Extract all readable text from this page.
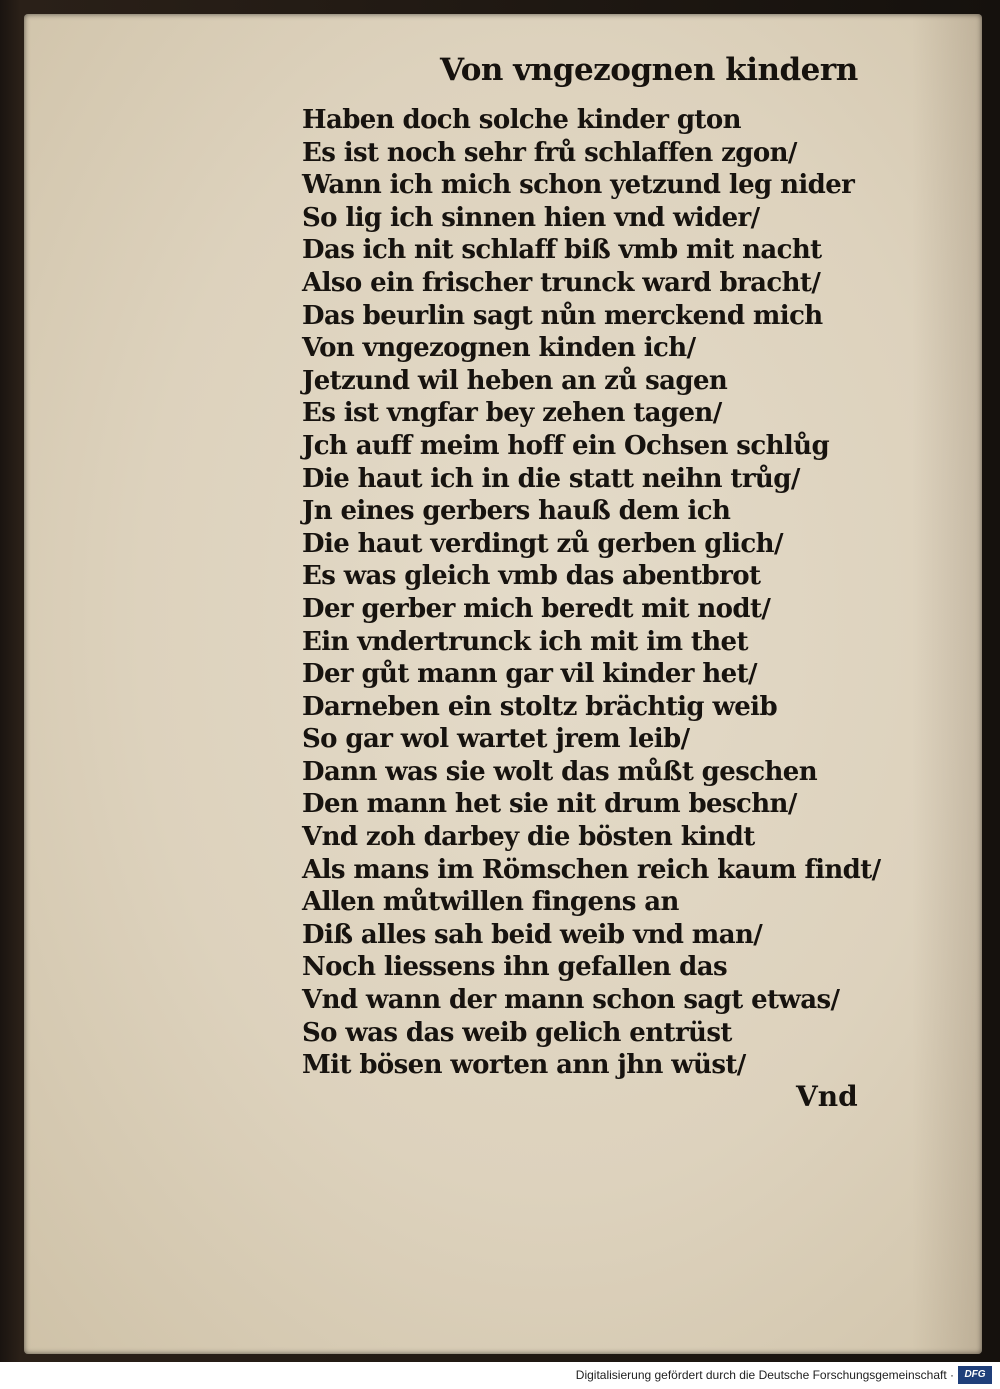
Von vngezognen kindern
Haben doch solche kinder gton
Es ist noch sehr frů schlaffen zgon/
Wann ich mich schon yetzund leg nider
So lig ich sinnen hien vnd wider/
Das ich nit schlaff biß vmb mit nacht
Also ein frischer trunck ward bracht/
Das beurlin sagt nůn merckend mich
Von vngezognen kinden ich/
Jetzund wil heben an zů sagen
Es ist vngfar bey zehen tagen/
Jch auff meim hoff ein Ochsen schlůg
Die haut ich in die statt neihn trůg/
Jn eines gerbers hauß dem ich
Die haut verdingt zů gerben glich/
Es was gleich vmb das abentbrot
Der gerber mich beredt mit nodt/
Ein vndertrunck ich mit im thet
Der gůt mann gar vil kinder het/
Darneben ein stoltz brächtig weib
So gar wol wartet jrem leib/
Dann was sie wolt das můßt geschen
Den mann het sie nit drum beschn/
Vnd zoh darbey die bösten kindt
Als mans im Römschen reich kaum findt/
Allen můtwillen fingens an
Diß alles sah beid weib vnd man/
Noch liessens ihn gefallen das
Vnd wann der mann schon sagt etwas/
So was das weib gelich entrüst
Mit bösen worten ann jhn wüst/
Vnd
Digitalisierung gefördert durch die Deutsche Forschungsgemeinschaft ·	DFG
